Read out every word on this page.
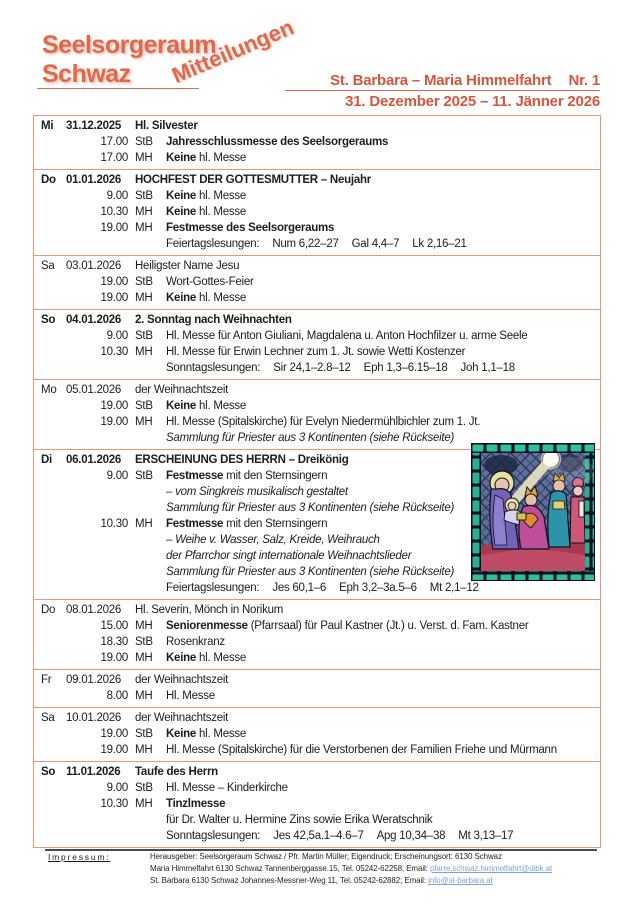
Seelsorgeraum
Schwaz	Mitteilungen St. Barbara – Maria Himmelfahrt Nr. 1
31. Dezember 2025 – 11. Jänner 2026
Mi	31.12.2025	Hl. Silvester
17.00 StB	Jahresschlussmesse des Seelsorgeraums
17.00 MH	Keine hl. Messe
Do 01.01.2026	HOCHFEST DER GOTTESMUTTER – Neujahr
9.00 StB	Keine hl. Messe
10.30 MH	Keine hl. Messe
19.00 MH	Festmesse des Seelsorgeraums
Feiertagslesungen: Num 6,22–27 Gal 4,4–7 Lk 2,16–21
Sa 03.01.2026	Heiligster Name Jesu
19.00 StB	Wort-Gottes-Feier
19.00 MH	Keine hl. Messe
So 04.01.2026	2. Sonntag nach Weihnachten
9.00 StB	Hl. Messe für Anton Giuliani, Magdalena u. Anton Hochfilzer u. arme Seele
10.30 MH	Hl. Messe für Erwin Lechner zum 1. Jt. sowie Wetti Kostenzer
Sonntagslesungen: Sir 24,1–2.8–12 Eph 1,3–6.15–18 Joh 1,1–18
Mo 05.01.2026	der Weihnachtszeit
19.00 StB	Keine hl. Messe
19.00 MH	Hl. Messe (Spitalskirche) für Evelyn Niedermühlbichler zum 1. Jt.
Sammlung für Priester aus 3 Kontinenten (siehe Rückseite)
Di	06.01.2026	ERSCHEINUNG DES HERRN – Dreikönig
9.00 StB	Festmesse mit den Sternsingern
– vom Singkreis musikalisch gestaltet
Sammlung für Priester aus 3 Kontinenten (siehe Rückseite)
10.30 MH	Festmesse mit den Sternsingern
– Weihe v. Wasser, Salz, Kreide, Weihrauch
der Pfarrchor singt internationale Weihnachtslieder
Sammlung für Priester aus 3 Kontinenten (siehe Rückseite)
Feiertagslesungen: Jes 60,1–6 Eph 3,2–3a.5–6 Mt 2,1–12
Do 08.01.2026	Hl. Severin, Mönch in Norikum
15.00 MH	Seniorenmesse (Pfarrsaal) für Paul Kastner (Jt.) u. Verst. d. Fam. Kastner
18.30 StB	Rosenkranz
19.00 MH	Keine hl. Messe
Fr	09.01.2026	der Weihnachtszeit
8.00 MH	Hl. Messe
Sa 10.01.2026	der Weihnachtszeit
19.00 StB	Keine hl. Messe
19.00 MH	Hl. Messe (Spitalskirche) für die Verstorbenen der Familien Friehe und Mürmann
So 11.01.2026	Taufe des Herrn
9.00 StB	Hl. Messe – Kinderkirche
10.30 MH	Tinzlmesse
für Dr. Walter u. Hermine Zins sowie Erika Weratschnik
Sonntagslesungen: Jes 42,5a.1–4.6–7 Apg 10,34–38 Mt 3,13–17
Impressum:	Herausgeber: Seelsorgeraum Schwaz / Pfr. Martin Müller; Eigendruck; Erscheinungsort: 6130 Schwaz
Maria Himmelfahrt 6130 Schwaz Tannenberggasse.15, Tel. 05242-62258; Email: pfarre.schwaz.himmelfahrt@dibk.at
St. Barbara 6130 Schwaz Johannes-Messner-Weg 11, Tel. 05242-62882; Email: info@st-barbara.at
